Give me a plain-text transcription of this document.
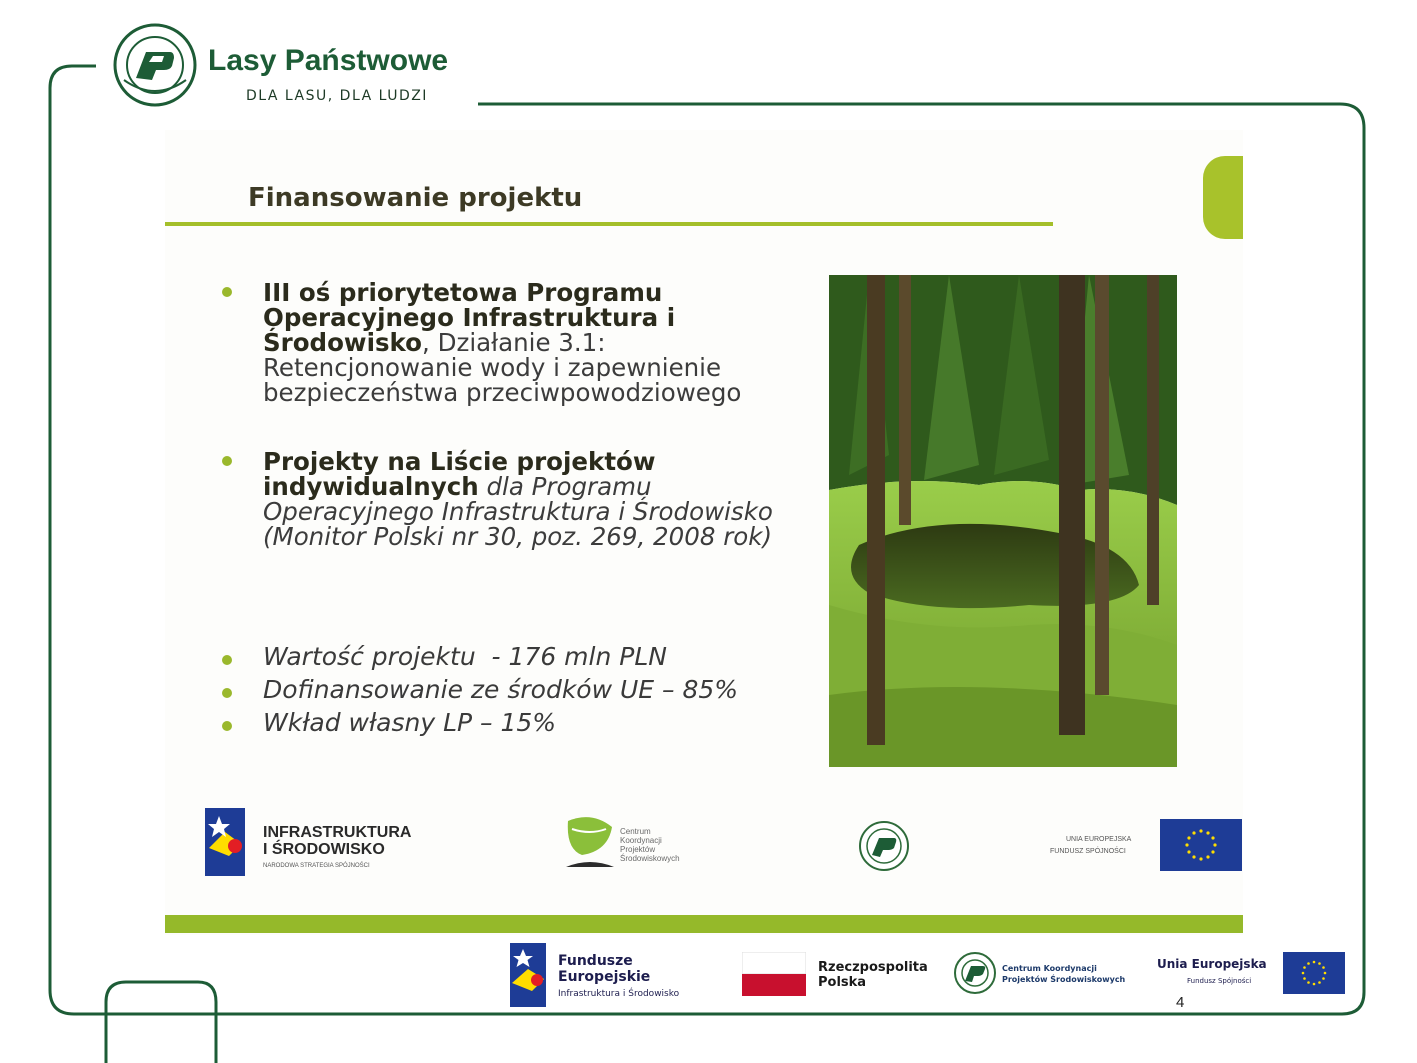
Lasy Państwowe
DLA LASU, DLA LUDZI
Finansowanie projektu
III oś priorytetowa Programu Operacyjnego Infrastruktura i Środowisko, Działanie 3.1: Retencjonowanie wody i zapewnienie bezpieczeństwa przeciwpowodziowego
Projekty na Liście projektów indywidualnych dla Programu Operacyjnego Infrastruktura i Środowisko (Monitor Polski nr 30, poz. 269, 2008 rok)
Wartość projektu  - 176 mln PLN
Dofinansowanie ze środków UE – 85%
Wkład własny LP – 15%
INFRASTRUKTURA
I ŚRODOWISKO
NARODOWA STRATEGIA SPÓJNOŚCI
Centrum
Koordynacji
Projektów
Środowiskowych
UNIA EUROPEJSKA
FUNDUSZ SPÓJNOŚCI
Fundusze
Europejskie
Infrastruktura i Środowisko
Rzeczpospolita
Polska
Centrum Koordynacji
Projektów Środowiskowych
Unia Europejska
Fundusz Spójności
4
